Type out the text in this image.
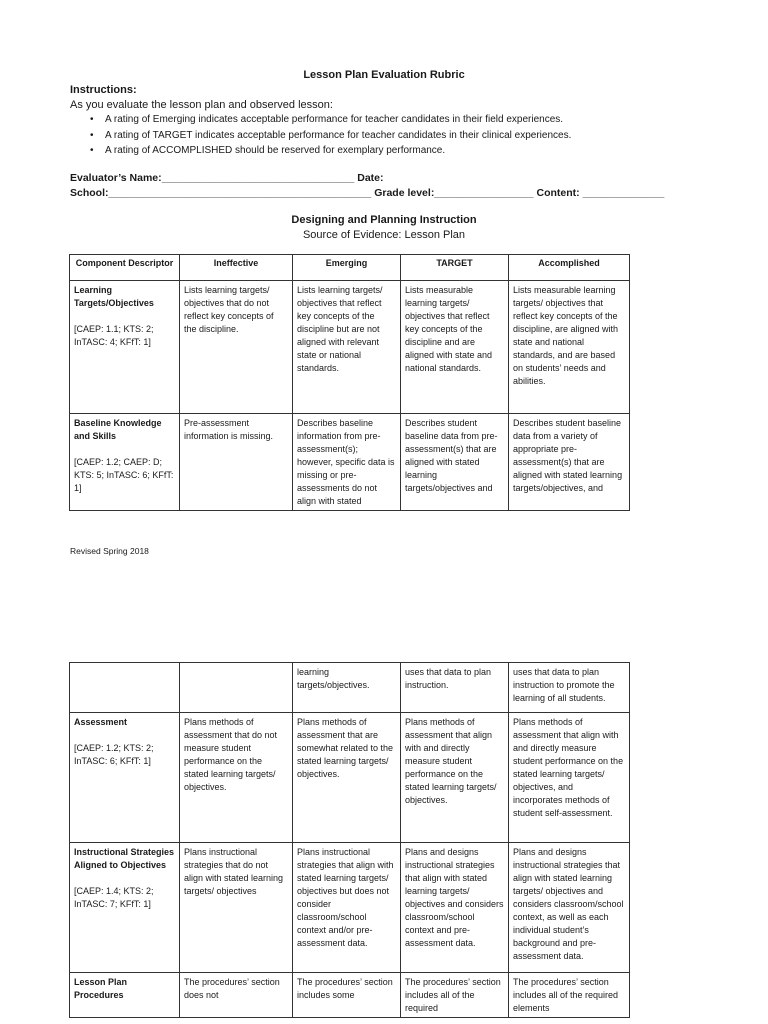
Lesson Plan Evaluation Rubric
Instructions:
As you evaluate the lesson plan and observed lesson:
• A rating of Emerging indicates acceptable performance for teacher candidates in their field experiences.
• A rating of TARGET indicates acceptable performance for teacher candidates in their clinical experiences.
• A rating of ACCOMPLISHED should be reserved for exemplary performance.
Evaluator’s Name:_________________________________ Date:
School:_____________________________________________ Grade level:_________________ Content: ______________
Designing and Planning Instruction
Source of Evidence: Lesson Plan
Component Descriptor	Ineffective	Emerging	TARGET	Accomplished

Learning Targets/Objectives
[CAEP: 1.1; KTS: 2; InTASC: 4; KFfT: 1]	Lists learning targets/ objectives that do not reflect key concepts of the discipline.	Lists learning targets/ objectives that reflect key concepts of the discipline but are not aligned with relevant state or national standards.	Lists measurable learning targets/ objectives that reflect key concepts of the discipline and are aligned with state and national standards.	Lists measurable learning targets/ objectives that reflect key concepts of the discipline, are aligned with state and national standards, and are based on students’ needs and abilities.

Baseline Knowledge and Skills
[CAEP: 1.2; CAEP: D; KTS: 5; InTASC: 6; KFfT: 1]	Pre-assessment information is missing.	Describes baseline information from pre-assessment(s); however, specific data is missing or pre-assessments do not align with stated	Describes student baseline data from pre-assessment(s) that are aligned with stated learning targets/objectives and	Describes student baseline data from a variety of appropriate pre-assessment(s) that are aligned with stated learning targets/objectives, and
Revised Spring 2018
		learning targets/objectives.	uses that data to plan instruction.	uses that data to plan instruction to promote the learning of all students.

Assessment
[CAEP: 1.2; KTS: 2; InTASC: 6; KFfT: 1]	Plans methods of assessment that do not measure student performance on the stated learning targets/ objectives.	Plans methods of assessment that are somewhat related to the stated learning targets/ objectives.	Plans methods of assessment that align with and directly measure student performance on the stated learning targets/ objectives.	Plans methods of assessment that align with and directly measure student performance on the stated learning targets/ objectives, and incorporates methods of student self-assessment.

Instructional Strategies Aligned to Objectives
[CAEP: 1.4; KTS: 2; InTASC: 7; KFfT: 1]	Plans instructional strategies that do not align with stated learning targets/ objectives	Plans instructional strategies that align with stated learning targets/ objectives but does not consider classroom/school context and/or pre-assessment data.	Plans and designs instructional strategies that align with stated learning targets/ objectives and considers classroom/school context and pre-assessment data.	Plans and designs instructional strategies that align with stated learning targets/ objectives and considers classroom/school context, as well as each individual student’s background and pre-assessment data.

Lesson Plan Procedures	The procedures’ section does not	The procedures’ section includes some	The procedures’ section includes all of the required	The procedures’ section includes all of the required elements
